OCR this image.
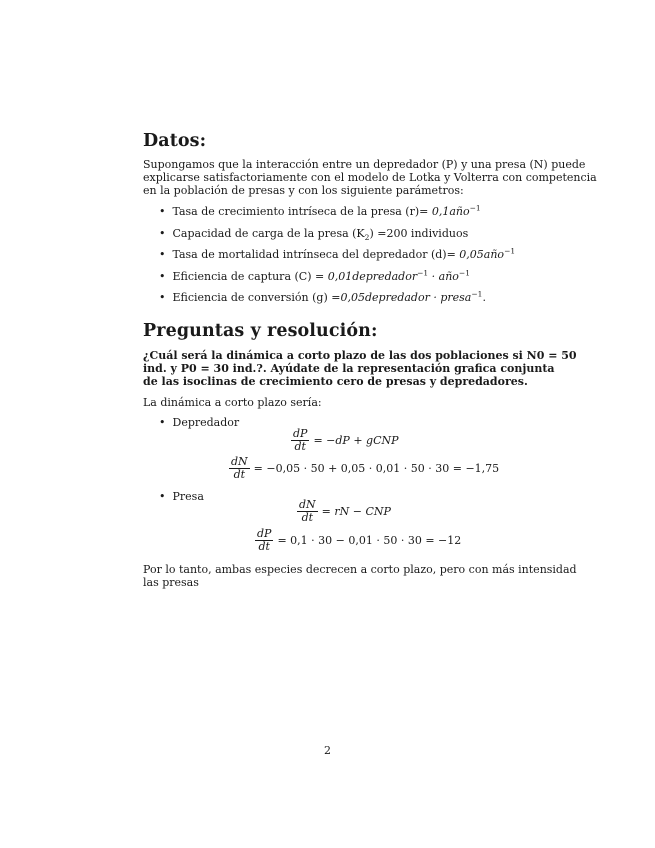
Datos:
Supongamos que la interacción entre un depredador (P) y una presa (N) puede
explicarse satisfactoriamente con el modelo de Lotka y Volterra con competencia
en la población de presas y con los siguiente parámetros:
• Tasa de crecimiento intríseca de la presa (r)= 0,1año$^{-1}$
• Capacidad de carga de la presa $(K_2) =200$ individuos
• Tasa de mortalidad intrínseca del depredador (d)= 0,05año$^{-1}$
• Eficiencia de captura (C) = 0,01depredador$^{-1}$ · año$^{-1}$
• Eficiencia de conversión (g) =0,05depredador · presa$^{-1}$.
Preguntas y resolución:
¿Cuál será la dinámica a corto plazo de las dos poblaciones si N0 = 50
ind. y P0 = 30 ind.?. Ayúdate de la representación grafica conjunta
de las isoclinas de crecimiento cero de presas y depredadores.
La dinámica a corto plazo sería:
• Depredador
$\frac{dP}{dt} = -dP$ + gCNP
$\frac{dN}{dt} = -0,05 \cdot 50 + 0,05 \cdot 0,01 \cdot 50 \cdot 30 = -1,75$
• Presa
$\frac{dN}{dt}$ = rN − CNP
$\frac{dP}{dt} = 0,1 \cdot 30 - 0,01 \cdot 50 \cdot 30 = -12$
Por lo tanto, ambas especies decrecen a corto plazo, pero con más intensidad
las presas
2
